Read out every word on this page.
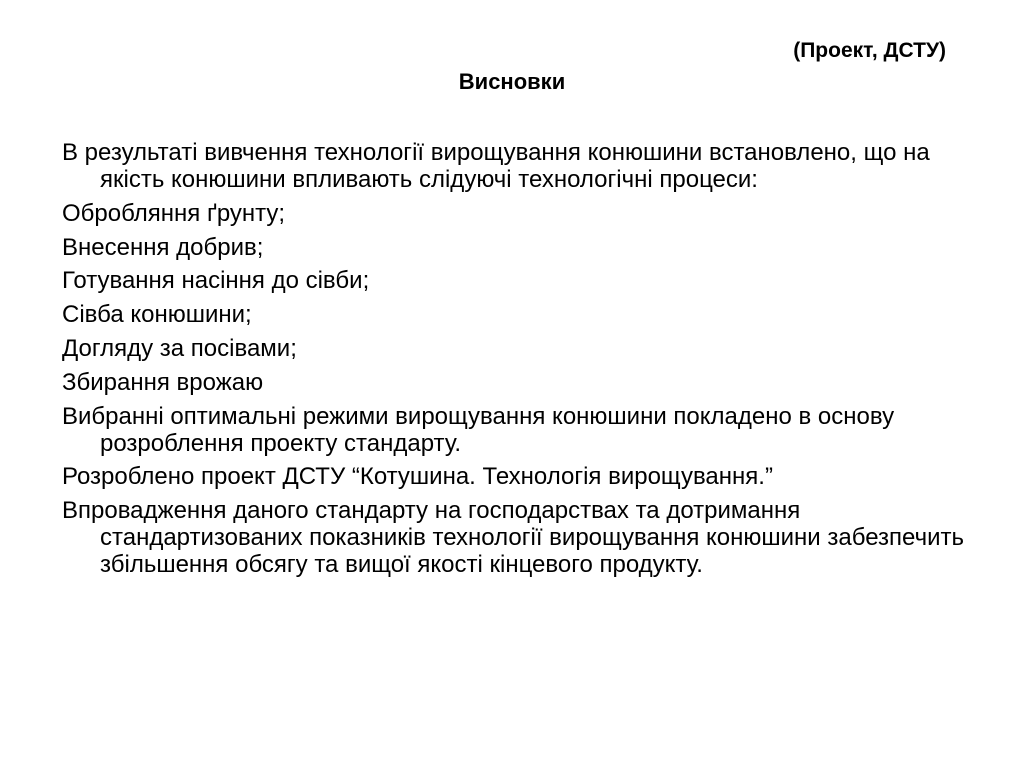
(Проект, ДСТУ)
Висновки
В результаті вивчення технології вирощування конюшини встановлено, що на якість конюшини впливають слідуючі технологічні процеси:
Обробляння ґрунту;
Внесення добрив;
Готування насіння до сівби;
Сівба конюшини;
Догляду за посівами;
Збирання врожаю
Вибранні оптимальні режими вирощування конюшини покладено в основу розроблення проекту стандарту.
Розроблено проект ДСТУ “Котушина. Технологія вирощування.”
Впровадження даного стандарту на господарствах та дотримання стандартизованих показників технології вирощування конюшини забезпечить збільшення обсягу та вищої якості кінцевого продукту.
